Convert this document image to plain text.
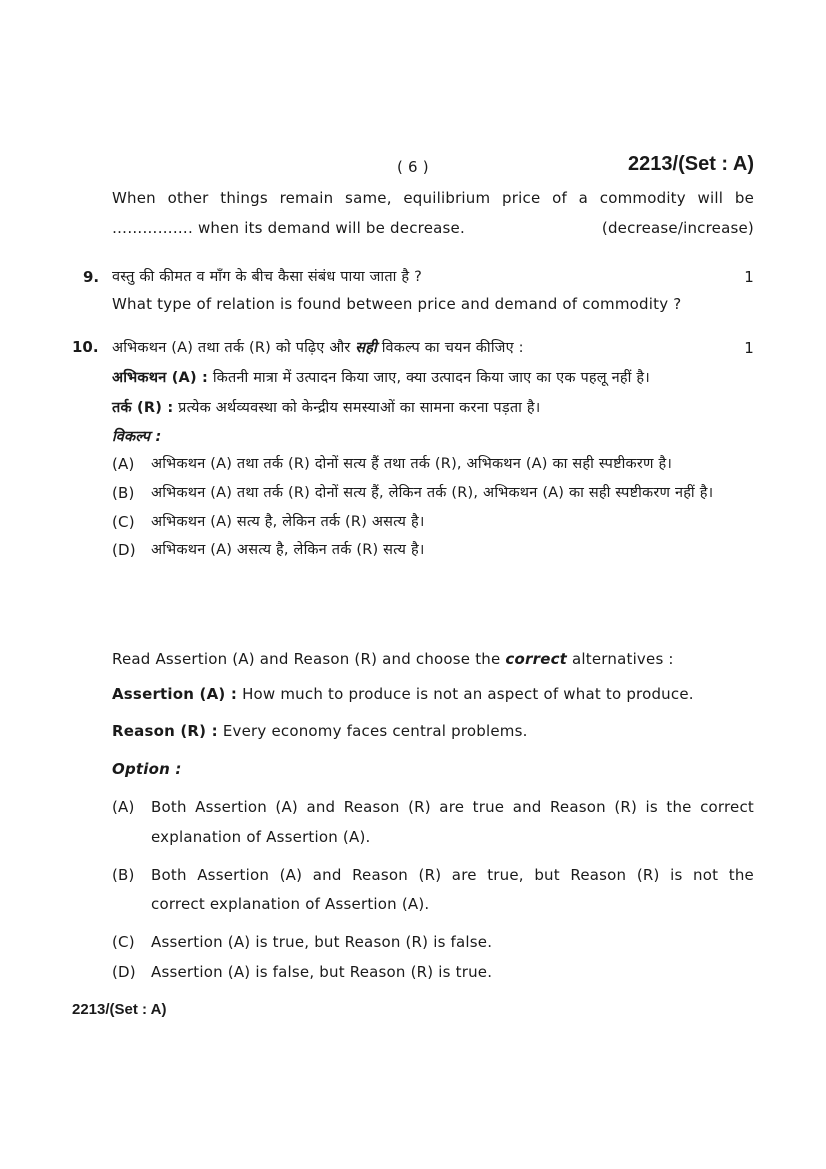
( 6 )	2213/(Set : A)
When other things remain same, equilibrium price of a commodity will be
……………. when its demand will be decrease.	(decrease/increase)
9. वस्तु की कीमत व माँग के बीच कैसा संबंध पाया जाता है ?	1
What type of relation is found between price and demand of commodity ?
10. अभिकथन (A) तथा तर्क (R) को पढ़िए और सही विकल्प का चयन कीजिए :	1
अभिकथन (A) : कितनी मात्रा में उत्पादन किया जाए, क्या उत्पादन किया जाए का एक पहलू नहीं है।
तर्क (R) : प्रत्येक अर्थव्यवस्था को केन्द्रीय समस्याओं का सामना करना पड़ता है।
विकल्प :
(A) अभिकथन (A) तथा तर्क (R) दोनों सत्य हैं तथा तर्क (R), अभिकथन (A) का सही स्पष्टीकरण है।
(B) अभिकथन (A) तथा तर्क (R) दोनों सत्य हैं, लेकिन तर्क (R), अभिकथन (A) का सही स्पष्टीकरण नहीं है।
(C) अभिकथन (A) सत्य है, लेकिन तर्क (R) असत्य है।
(D) अभिकथन (A) असत्य है, लेकिन तर्क (R) सत्य है।
Read Assertion (A) and Reason (R) and choose the correct alternatives :
Assertion (A) : How much to produce is not an aspect of what to produce.
Reason (R) : Every economy faces central problems.
Option :
(A) Both Assertion (A) and Reason (R) are true and Reason (R) is the correct
explanation of Assertion (A).
(B) Both Assertion (A) and Reason (R) are true, but Reason (R) is not the
correct explanation of Assertion (A).
(C) Assertion (A) is true, but Reason (R) is false.
(D) Assertion (A) is false, but Reason (R) is true.
2213/(Set : A)
